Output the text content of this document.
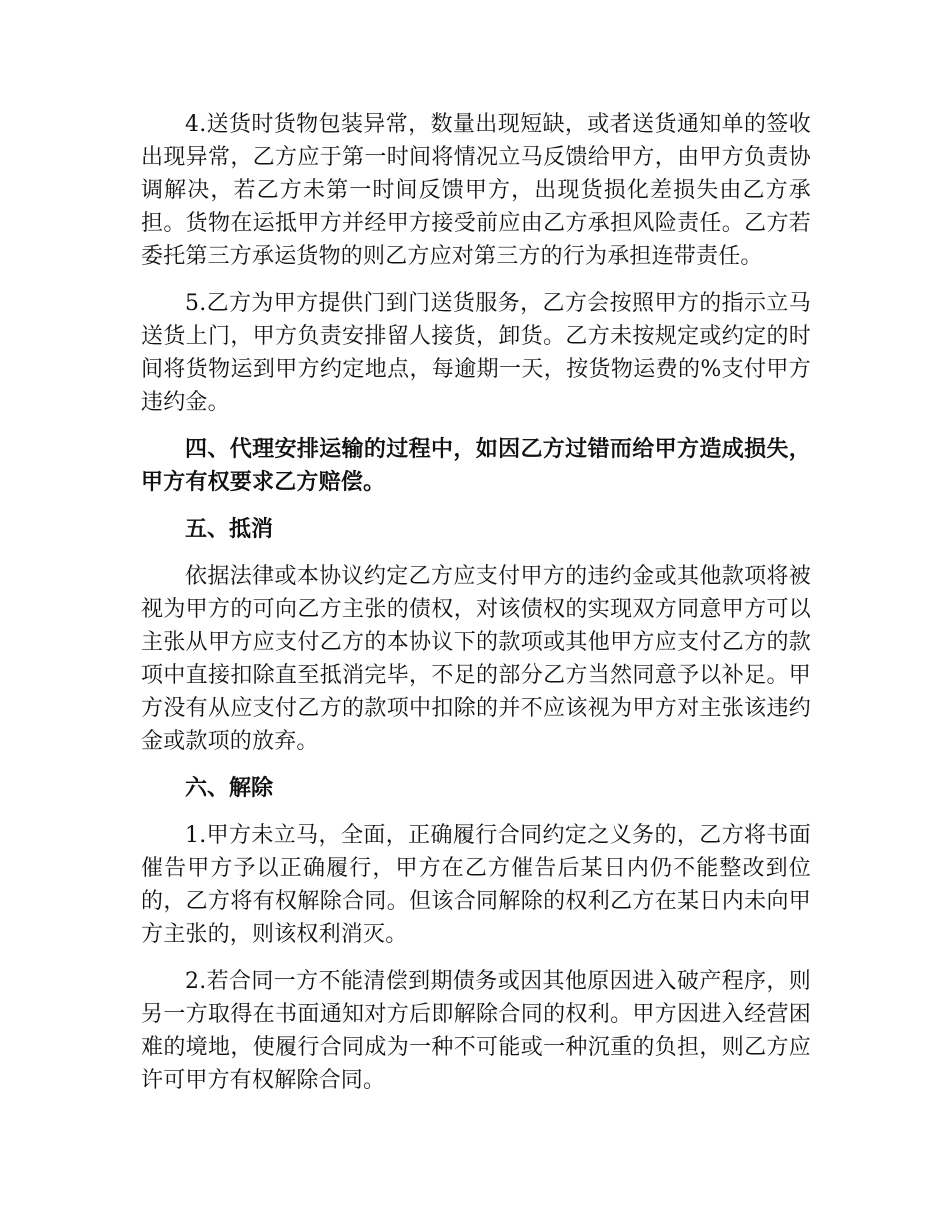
4.送货时货物包装异常，数量出现短缺，或者送货通知单的签收出现异常，乙方应于第一时间将情况立马反馈给甲方，由甲方负责协调解决，若乙方未第一时间反馈甲方，出现货损化差损失由乙方承担。货物在运抵甲方并经甲方接受前应由乙方承担风险责任。乙方若委托第三方承运货物的则乙方应对第三方的行为承担连带责任。

5.乙方为甲方提供门到门送货服务，乙方会按照甲方的指示立马送货上门，甲方负责安排留人接货，卸货。乙方未按规定或约定的时间将货物运到甲方约定地点，每逾期一天，按货物运费的%支付甲方违约金。

四、代理安排运输的过程中，如因乙方过错而给甲方造成损失，甲方有权要求乙方赔偿。

五、抵消

依据法律或本协议约定乙方应支付甲方的违约金或其他款项将被视为甲方的可向乙方主张的债权，对该债权的实现双方同意甲方可以主张从甲方应支付乙方的本协议下的款项或其他甲方应支付乙方的款项中直接扣除直至抵消完毕，不足的部分乙方当然同意予以补足。甲方没有从应支付乙方的款项中扣除的并不应该视为甲方对主张该违约金或款项的放弃。

六、解除

1.甲方未立马，全面，正确履行合同约定之义务的，乙方将书面催告甲方予以正确履行，甲方在乙方催告后某日内仍不能整改到位的，乙方将有权解除合同。但该合同解除的权利乙方在某日内未向甲方主张的，则该权利消灭。

2.若合同一方不能清偿到期债务或因其他原因进入破产程序，则另一方取得在书面通知对方后即解除合同的权利。甲方因进入经营困难的境地，使履行合同成为一种不可能或一种沉重的负担，则乙方应许可甲方有权解除合同。
